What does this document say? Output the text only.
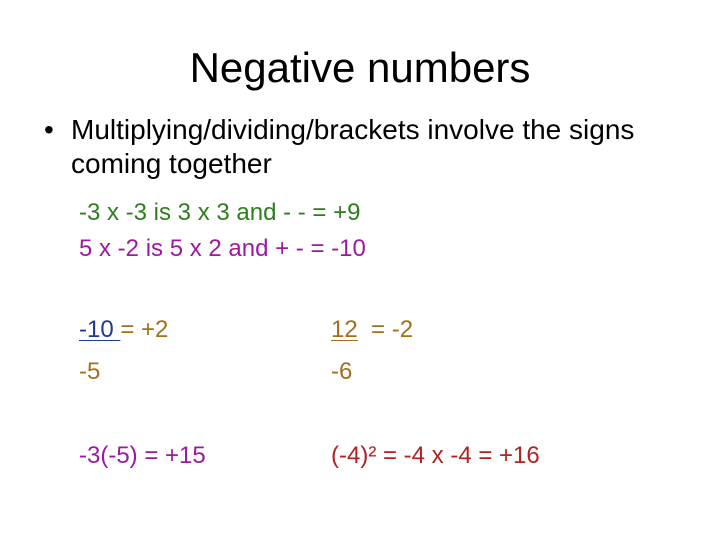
Negative numbers
• Multiplying/dividing/brackets involve the signs coming together
-3 x -3 is 3 x 3 and - - = +9
5 x -2 is 5 x 2 and + - = -10
-10 = +2
-5
12  = -2
-6
-3(-5) = +15	(-4)² = -4 x -4 = +16
